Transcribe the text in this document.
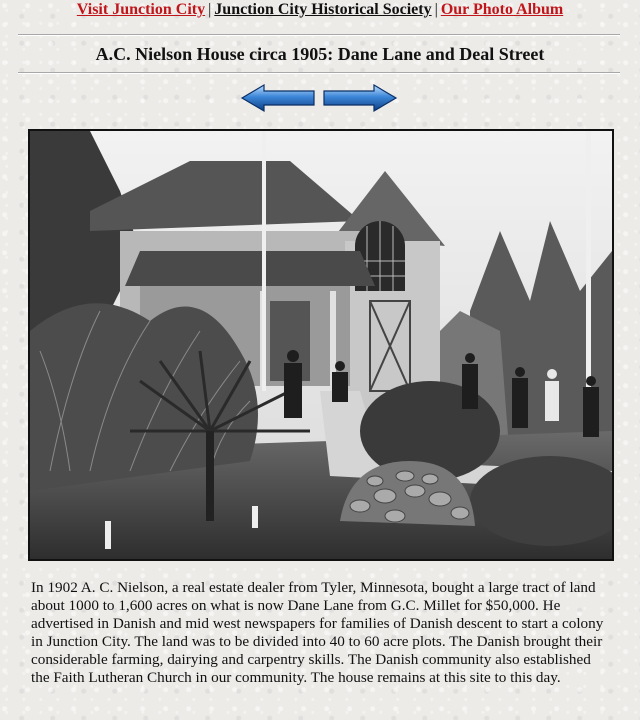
Visit Junction City | Junction City Historical Society | Our Photo Album
A.C. Nielson House circa 1905: Dane Lane and Deal Street
In 1902 A. C. Nielson, a real estate dealer from Tyler, Minnesota, bought a large tract of land about 1000 to 1,600 acres on what is now Dane Lane from G.C. Millet for $50,000. He advertised in Danish and mid west newspapers for families of Danish descent to start a colony in Junction City. The land was to be divided into 40 to 60 acre plots. The Danish brought their considerable farming, dairying and carpentry skills. The Danish community also established the Faith Lutheran Church in our community. The house remains at this site to this day.
